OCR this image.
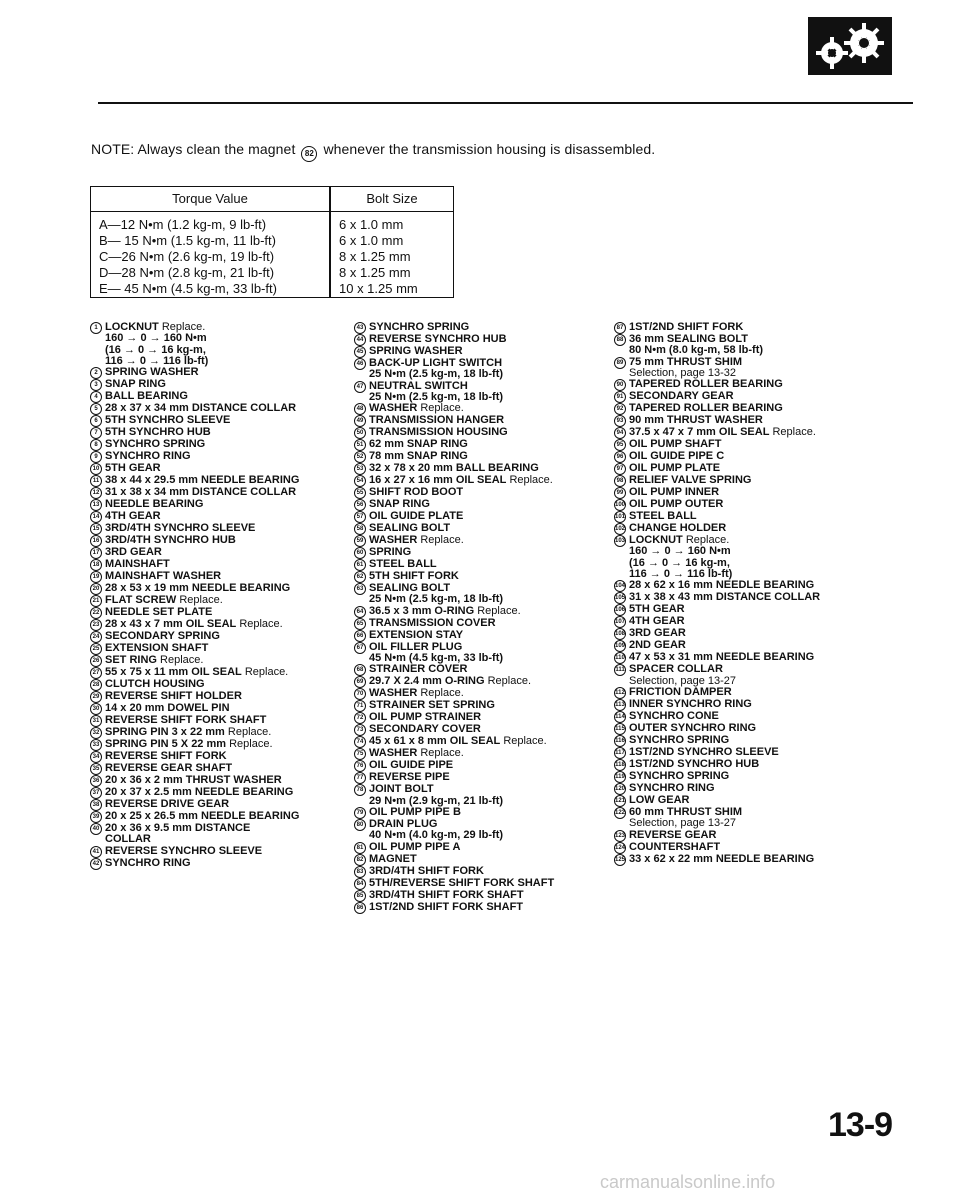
NOTE: Always clean the magnet 82 whenever the transmission housing is disassembled.
Torque Value	Bolt Size
A—12 N•m (1.2 kg-m, 9 lb-ft)	6 x 1.0 mm
B— 15 N•m (1.5 kg-m, 11 lb-ft)	6 x 1.0 mm
C—26 N•m (2.6 kg-m, 19 lb-ft)	8 x 1.25 mm
D—28 N•m (2.8 kg-m, 21 lb-ft)	8 x 1.25 mm
E— 45 N•m (4.5 kg-m, 33 lb-ft)	10 x 1.25 mm
1 LOCKNUT Replace.
160 → 0 → 160 N•m
(16 → 0 → 16 kg-m,
116 → 0 → 116 lb-ft)
2 SPRING WASHER
3 SNAP RING
4 BALL BEARING
5 28 x 37 x 34 mm DISTANCE COLLAR
6 5TH SYNCHRO SLEEVE
7 5TH SYNCHRO HUB
8 SYNCHRO SPRING
9 SYNCHRO RING
10 5TH GEAR
11 38 x 44 x 29.5 mm NEEDLE BEARING
12 31 x 38 x 34 mm DISTANCE COLLAR
13 NEEDLE BEARING
14 4TH GEAR
15 3RD/4TH SYNCHRO SLEEVE
16 3RD/4TH SYNCHRO HUB
17 3RD GEAR
18 MAINSHAFT
19 MAINSHAFT WASHER
20 28 x 53 x 19 mm NEEDLE BEARING
21 FLAT SCREW Replace.
22 NEEDLE SET PLATE
23 28 x 43 x 7 mm OIL SEAL Replace.
24 SECONDARY SPRING
25 EXTENSION SHAFT
26 SET RING Replace.
27 55 x 75 x 11 mm OIL SEAL Replace.
28 CLUTCH HOUSING
29 REVERSE SHIFT HOLDER
30 14 x 20 mm DOWEL PIN
31 REVERSE SHIFT FORK SHAFT
32 SPRING PIN 3 x 22 mm Replace.
33 SPRING PIN 5 X 22 mm Replace.
34 REVERSE SHIFT FORK
35 REVERSE GEAR SHAFT
36 20 x 36 x 2 mm THRUST WASHER
37 20 x 37 x 2.5 mm NEEDLE BEARING
38 REVERSE DRIVE GEAR
39 20 x 25 x 26.5 mm NEEDLE BEARING
40 20 x 36 x 9.5 mm DISTANCE
COLLAR
41 REVERSE SYNCHRO SLEEVE
42 SYNCHRO RING
43 SYNCHRO SPRING
44 REVERSE SYNCHRO HUB
45 SPRING WASHER
46 BACK-UP LIGHT SWITCH
25 N•m (2.5 kg-m, 18 lb-ft)
47 NEUTRAL SWITCH
25 N•m (2.5 kg-m, 18 lb-ft)
48 WASHER Replace.
49 TRANSMISSION HANGER
50 TRANSMISSION HOUSING
51 62 mm SNAP RING
52 78 mm SNAP RING
53 32 x 78 x 20 mm BALL BEARING
54 16 x 27 x 16 mm OIL SEAL Replace.
55 SHIFT ROD BOOT
56 SNAP RING
57 OIL GUIDE PLATE
58 SEALING BOLT
59 WASHER Replace.
60 SPRING
61 STEEL BALL
62 5TH SHIFT FORK
63 SEALING BOLT
25 N•m (2.5 kg-m, 18 lb-ft)
64 36.5 x 3 mm O-RING Replace.
65 TRANSMISSION COVER
66 EXTENSION STAY
67 OIL FILLER PLUG
45 N•m (4.5 kg-m, 33 lb-ft)
68 STRAINER COVER
69 29.7 X 2.4 mm O-RING Replace.
70 WASHER Replace.
71 STRAINER SET SPRING
72 OIL PUMP STRAINER
73 SECONDARY COVER
74 45 x 61 x 8 mm OIL SEAL Replace.
75 WASHER Replace.
76 OIL GUIDE PIPE
77 REVERSE PIPE
78 JOINT BOLT
29 N•m (2.9 kg-m, 21 lb-ft)
79 OIL PUMP PIPE B
80 DRAIN PLUG
40 N•m (4.0 kg-m, 29 lb-ft)
81 OIL PUMP PIPE A
82 MAGNET
83 3RD/4TH SHIFT FORK
84 5TH/REVERSE SHIFT FORK SHAFT
85 3RD/4TH SHIFT FORK SHAFT
86 1ST/2ND SHIFT FORK SHAFT
87 1ST/2ND SHIFT FORK
88 36 mm SEALING BOLT
80 N•m (8.0 kg-m, 58 lb-ft)
89 75 mm THRUST SHIM
Selection, page 13-32
90 TAPERED ROLLER BEARING
91 SECONDARY GEAR
92 TAPERED ROLLER BEARING
93 90 mm THRUST WASHER
94 37.5 x 47 x 7 mm OIL SEAL Replace.
95 OIL PUMP SHAFT
96 OIL GUIDE PIPE C
97 OIL PUMP PLATE
98 RELIEF VALVE SPRING
99 OIL PUMP INNER
100 OIL PUMP OUTER
101 STEEL BALL
102 CHANGE HOLDER
103 LOCKNUT Replace.
160 → 0 → 160 N•m
(16 → 0 → 16 kg-m,
116 → 0 → 116 lb-ft)
104 28 x 62 x 16 mm NEEDLE BEARING
105 31 x 38 x 43 mm DISTANCE COLLAR
106 5TH GEAR
107 4TH GEAR
108 3RD GEAR
109 2ND GEAR
110 47 x 53 x 31 mm NEEDLE BEARING
111 SPACER COLLAR
Selection, page 13-27
112 FRICTION DAMPER
113 INNER SYNCHRO RING
114 SYNCHRO CONE
115 OUTER SYNCHRO RING
116 SYNCHRO SPRING
117 1ST/2ND SYNCHRO SLEEVE
118 1ST/2ND SYNCHRO HUB
119 SYNCHRO SPRING
120 SYNCHRO RING
121 LOW GEAR
122 60 mm THRUST SHIM
Selection, page 13-27
123 REVERSE GEAR
124 COUNTERSHAFT
125 33 x 62 x 22 mm NEEDLE BEARING
13-9
carmanualsonline.info
